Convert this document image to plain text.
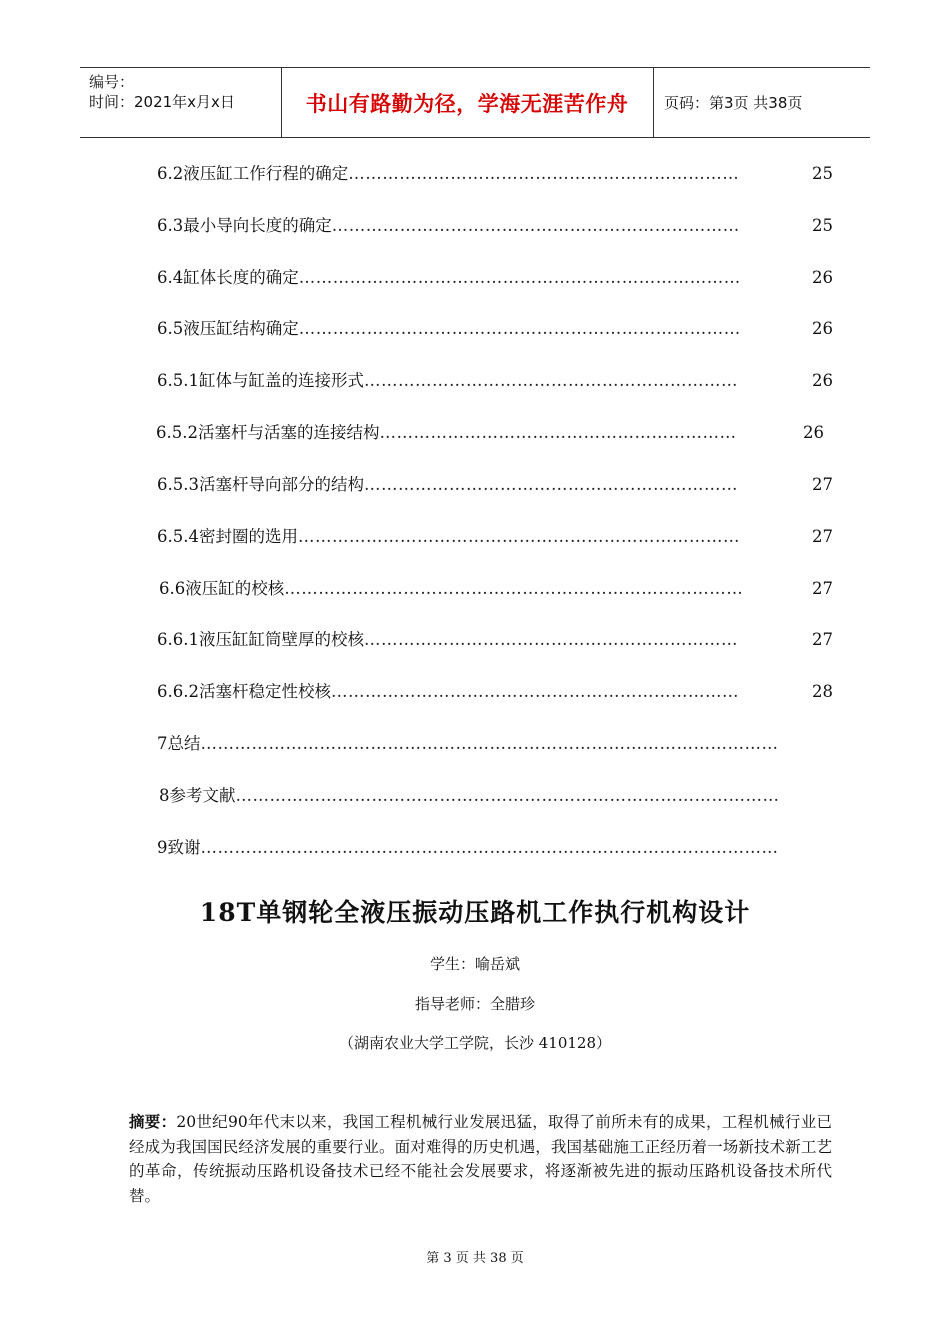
编号：
时间：2021年x月x日	书山有路勤为径，学海无涯苦作舟 页码：第3页 共38页
6.2液压缸工作行程的确定 ……………………………………………………………	25
6.3最小导向长度的确定 ………………………………………………………………	25
6.4缸体长度的确定 ……………………………………………………………………	26
6.5液压缸结构确定 ……………………………………………………………………	26
6.5.1缸体与缸盖的连接形式 …………………………………………………………	26
6.5.2活塞杆与活塞的连接结构 ………………………………………………………	26
6.5.3活塞杆导向部分的结构 …………………………………………………………	27
6.5.4密封圈的选用 ……………………………………………………………………	27
6.6液压缸的校核 ………………………………………………………………………	27
6.6.1液压缸缸筒壁厚的校核 …………………………………………………………	27
6.6.2活塞杆稳定性校核 ………………………………………………………………	28
7总结 …………………………………………………………………………………………
8参考文献 ……………………………………………………………………………………
9致谢 …………………………………………………………………………………………
18T单钢轮全液压振动压路机工作执行机构设计
学生：喻岳斌
指导老师：全腊珍
（湖南农业大学工学院，长沙 410128）
摘要：20世纪90年代末以来，我国工程机械行业发展迅猛，取得了前所未有的成果，工程机械行业已经成为我国国民经济发展的重要行业。面对难得的历史机遇，我国基础施工正经历着一场新技术新工艺的革命，传统振动压路机设备技术已经不能社会发展要求，将逐渐被先进的振动压路机设备技术所代替。
第 3 页 共 38 页
